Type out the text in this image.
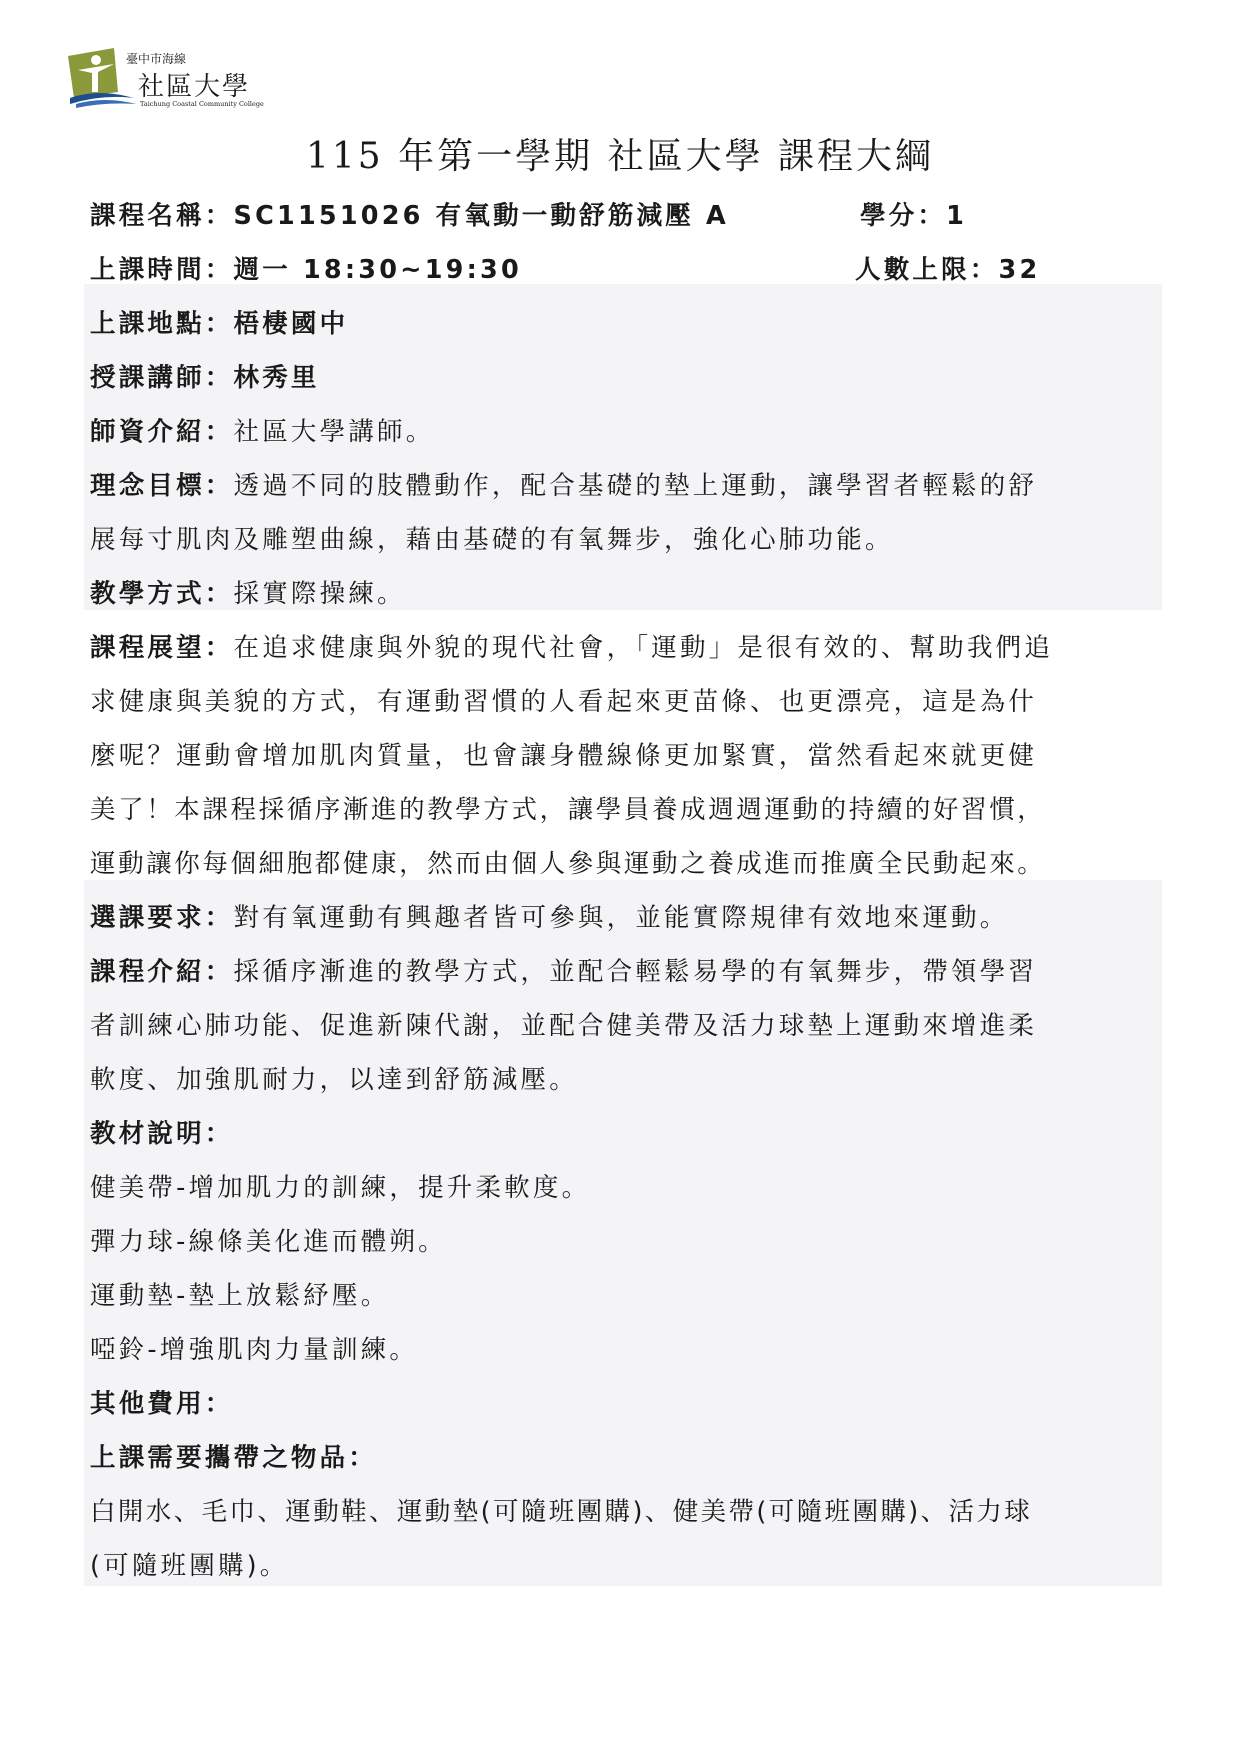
臺中市海線
社區大學
Taichung Coastal Community College
115 年第一學期 社區大學 課程大綱
課程名稱：SC1151026 有氧動一動舒筋減壓 A	學分：1
上課時間：週一 18:30~19:30	人數上限：32
上課地點：梧棲國中
授課講師：林秀里
師資介紹：社區大學講師。
理念目標：透過不同的肢體動作，配合基礎的墊上運動，讓學習者輕鬆的舒
展每寸肌肉及雕塑曲線，藉由基礎的有氧舞步，強化心肺功能。
教學方式：採實際操練。
課程展望：在追求健康與外貌的現代社會，「運動」是很有效的、幫助我們追
求健康與美貌的方式，有運動習慣的人看起來更苗條、也更漂亮，這是為什
麼呢？運動會增加肌肉質量，也會讓身體線條更加緊實，當然看起來就更健
美了！本課程採循序漸進的教學方式，讓學員養成週週運動的持續的好習慣，
運動讓你每個細胞都健康，然而由個人參與運動之養成進而推廣全民動起來。
選課要求：對有氧運動有興趣者皆可參與，並能實際規律有效地來運動。
課程介紹：採循序漸進的教學方式，並配合輕鬆易學的有氧舞步，帶領學習
者訓練心肺功能、促進新陳代謝，並配合健美帶及活力球墊上運動來增進柔
軟度、加強肌耐力，以達到舒筋減壓。
教材說明：
健美帶-增加肌力的訓練，提升柔軟度。
彈力球-線條美化進而體朔。
運動墊-墊上放鬆紓壓。
啞鈴-增強肌肉力量訓練。
其他費用：
上課需要攜帶之物品：
白開水、毛巾、運動鞋、運動墊(可隨班團購)、健美帶(可隨班團購)、活力球
(可隨班團購)。
